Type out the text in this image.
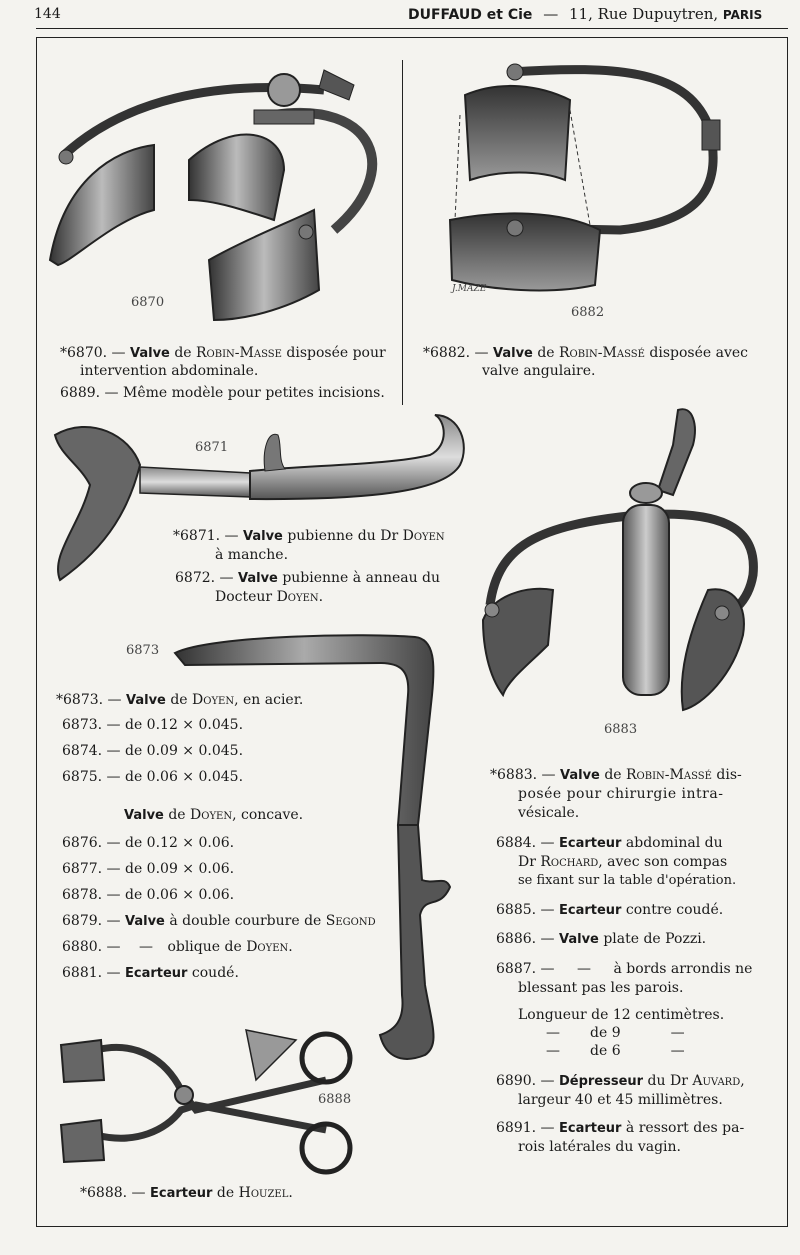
144	DUFFAUD et Cie — 11, Rue Dupuytren, PARIS
6870
J.MAZE
6882
*6870. — Valve de Robin-Masse disposée pour
intervention abdominale.
6889. — Même modèle pour petites incisions.
*6882. — Valve de Robin-Massé disposée avec
valve angulaire.
6871
*6871. — Valve pubienne du Dr Doyen
à manche.
6872. — Valve pubienne à anneau du
Docteur Doyen.
6883
6873
*6873. — Valve de Doyen, en acier.
6873. — de 0.12 × 0.045.
6874. — de 0.09 × 0.045.
6875. — de 0.06 × 0.045.
Valve de Doyen, concave.
6876. — de 0.12 × 0.06.
6877. — de 0.09 × 0.06.
6878. — de 0.06 × 0.06.
6879. — Valve à double courbure de Segond
6880. — — oblique de Doyen.
6881. — Ecarteur coudé.
*6883. — Valve de Robin-Massé dis-
posée pour chirurgie intra-
vésicale.
6884. — Ecarteur abdominal du
Dr Rochard, avec son compas
se fixant sur la table d'opération.
6885. — Ecarteur contre coudé.
6886. — Valve plate de Pozzi.
6887. — — à bords arrondis ne
blessant pas les parois.
Longueur de 12 centimètres.
— de 9	—
— de 6	—
6890. — Dépresseur du Dr Auvard,
largeur 40 et 45 millimètres.
6891. — Ecarteur à ressort des pa-
rois latérales du vagin.
6888
*6888. — Ecarteur de Houzel.
